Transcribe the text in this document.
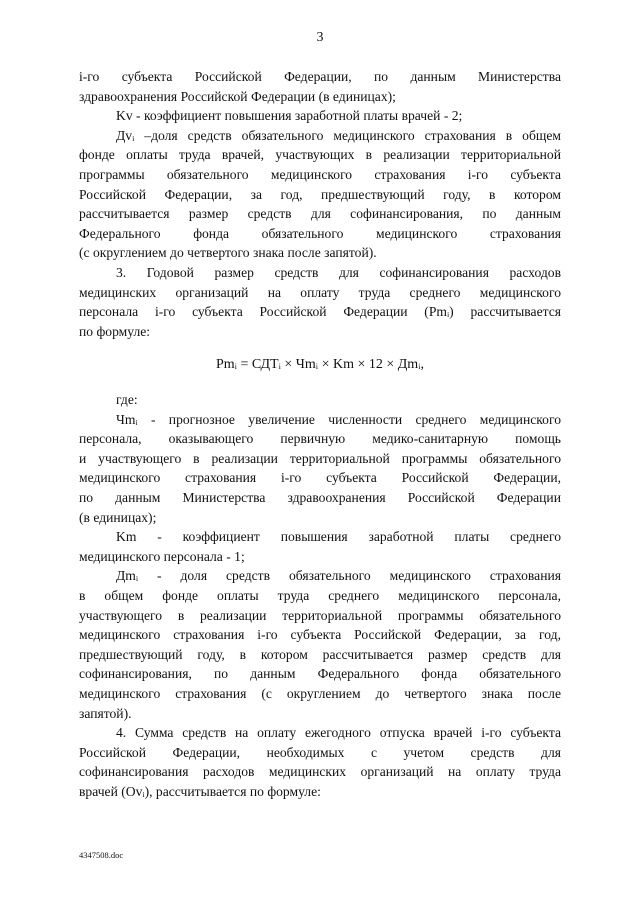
3
i-го субъекта Российской Федерации, по данным Министерства
здравоохранения Российской Федерации (в единицах);
Kv - коэффициент повышения заработной платы врачей - 2;
Дvᵢ –доля средств обязательного медицинского страхования в общем
фонде оплаты труда врачей, участвующих в реализации территориальной
программы обязательного медицинского страхования i-го субъекта
Российской Федерации, за год, предшествующий году, в котором
рассчитывается размер средств для софинансирования, по данным
Федерального фонда обязательного медицинского страхования
(с округлением до четвертого знака после запятой).
3. Годовой размер средств для софинансирования расходов
медицинских организаций на оплату труда среднего медицинского
персонала i-го субъекта Российской Федерации (Pmᵢ) рассчитывается
по формуле:
Pmᵢ = СДТᵢ × Чmᵢ × Km × 12 × Дmᵢ,
где:
Чmᵢ - прогнозное увеличение численности среднего медицинского
персонала, оказывающего первичную медико-санитарную помощь
и участвующего в реализации территориальной программы обязательного
медицинского страхования i-го субъекта Российской Федерации,
по данным Министерства здравоохранения Российской Федерации
(в единицах);
Km - коэффициент повышения заработной платы среднего
медицинского персонала - 1;
Дmᵢ - доля средств обязательного медицинского страхования
в общем фонде оплаты труда среднего медицинского персонала,
участвующего в реализации территориальной программы обязательного
медицинского страхования i-го субъекта Российской Федерации, за год,
предшествующий году, в котором рассчитывается размер средств для
софинансирования, по данным Федерального фонда обязательного
медицинского страхования (с округлением до четвертого знака после
запятой).
4. Сумма средств на оплату ежегодного отпуска врачей i-го субъекта
Российской Федерации, необходимых с учетом средств для
софинансирования расходов медицинских организаций на оплату труда
врачей (Ovᵢ), рассчитывается по формуле:
4347508.doc
